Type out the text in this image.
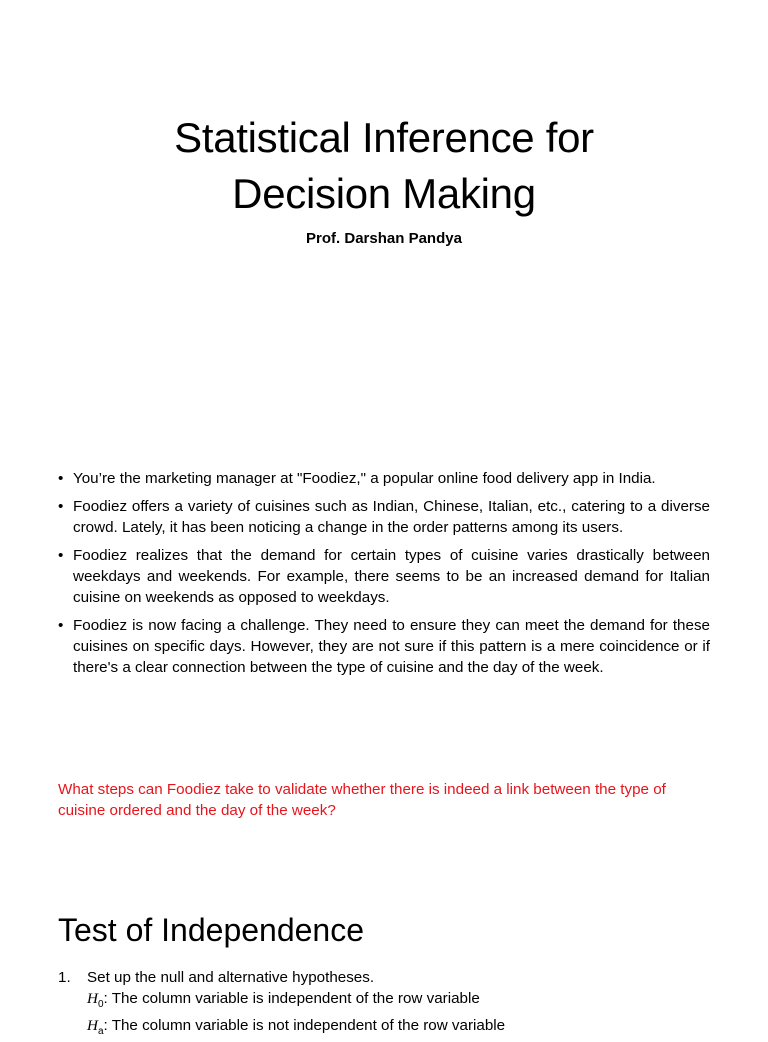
Statistical Inference for
Decision Making
Prof. Darshan Pandya
• You’re the marketing manager at "Foodiez," a popular online food delivery app in India.
• Foodiez offers a variety of cuisines such as Indian, Chinese, Italian, etc., catering to a diverse crowd. Lately, it has been noticing a change in the order patterns among its users.
• Foodiez realizes that the demand for certain types of cuisine varies drastically between weekdays and weekends. For example, there seems to be an increased demand for Italian cuisine on weekends as opposed to weekdays.
• Foodiez is now facing a challenge. They need to ensure they can meet the demand for these cuisines on specific days. However, they are not sure if this pattern is a mere coincidence or if there's a clear connection between the type of cuisine and the day of the week.
What steps can Foodiez take to validate whether there is indeed a link between the type of cuisine ordered and the day of the week?
Test of Independence
1. Set up the null and alternative hypotheses.
$H_0$: The column variable is independent of the row variable
$H_a$: The column variable is not independent of the row variable
